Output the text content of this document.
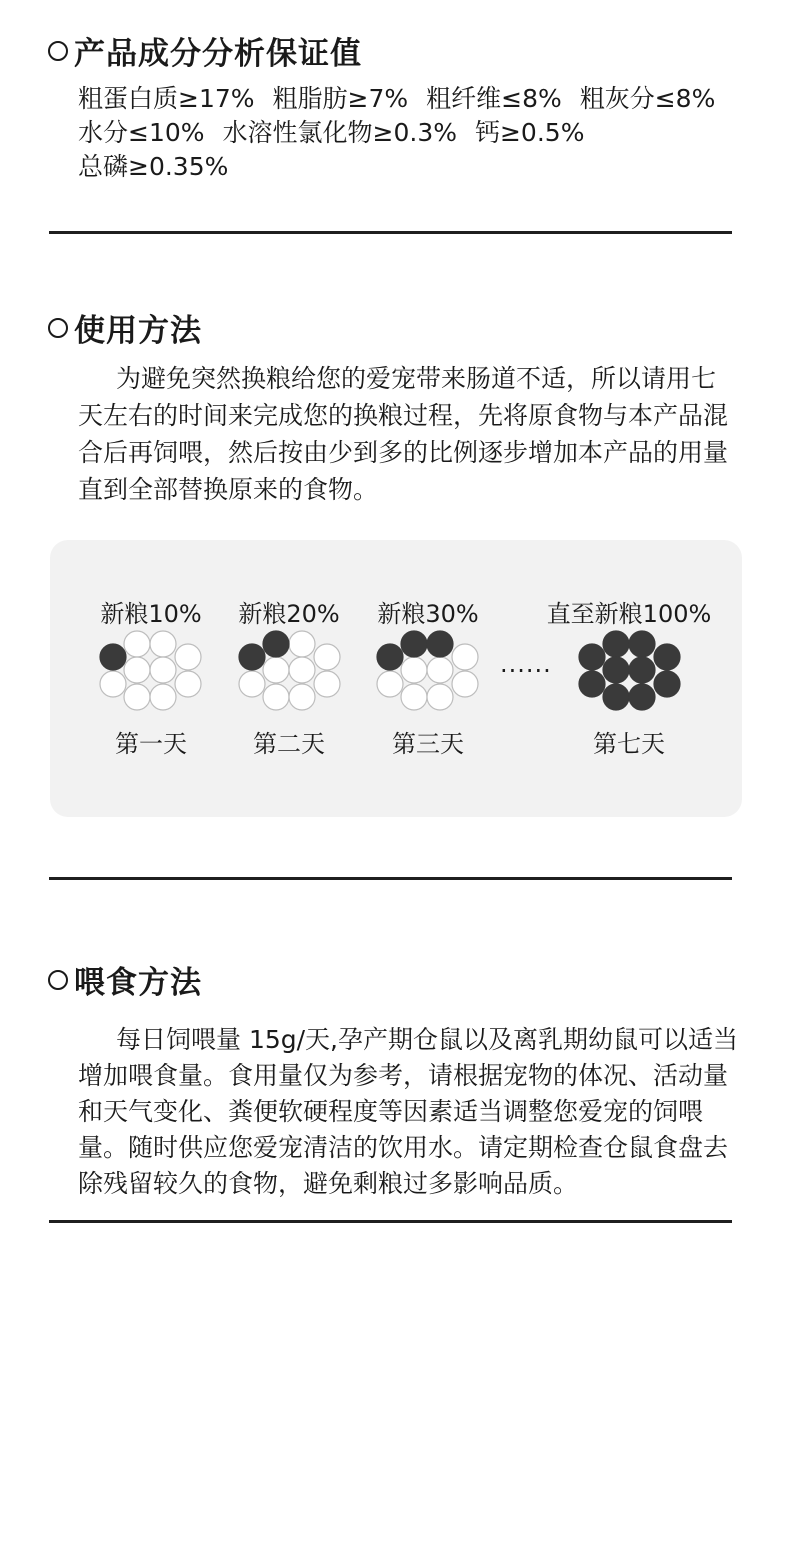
产品成分分析保证值
粗蛋白质≥17% 粗脂肪≥7% 粗纤维≤8% 粗灰分≤8%
水分≤10% 水溶性氯化物≥0.3% 钙≥0.5%
总磷≥0.35%
使用方法

为避免突然换粮给您的爱宠带来肠道不适，所以请用七天左右的时间来完成您的换粮过程，先将原食物与本产品混合后再饲喂，然后按由少到多的比例逐步增加本产品的用量直到全部替换原来的食物。

新粮10% 新粮20% 新粮30%	直至新粮100%
......
第一天	第二天	第三天	第七天
喂食方法

每日饲喂量 15g/天,孕产期仓鼠以及离乳期幼鼠可以适当增加喂食量。食用量仅为参考，请根据宠物的体况、活动量和天气变化、粪便软硬程度等因素适当调整您爱宠的饲喂量。随时供应您爱宠清洁的饮用水。请定期检查仓鼠食盘去除残留较久的食物，避免剩粮过多影响品质。
